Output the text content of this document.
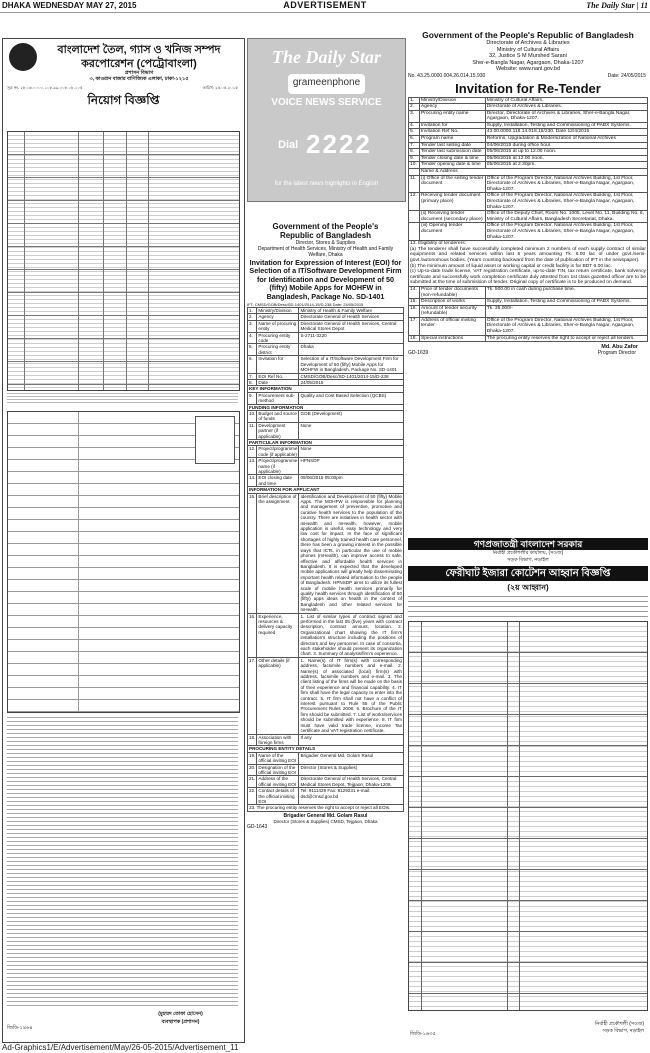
DHAKA WEDNESDAY MAY 27, 2015	ADVERTISEMENT	The Daily Star | 11
বাংলাদেশ তৈল, গ্যাস ও খনিজ সম্পদ
করপোরেশন (পেট্রোবাংলা)
প্রশাসন বিভাগ
৩, কাওরান বাজার বাণিজ্যিক এলাকা, ঢাকা-১২১৫
সূত্র নং- ২৮.০৬.০০০০.১০৮.৯৯.০০৮.০৮.১০৫	তারিখ: ২৫.০৫.২০১৫
নিয়োগ বিজ্ঞপ্তি
(মুহম্মদ তোফা হোসেন)
ব্যবস্থাপক (প্রশাসন)
জিডি-১৪৬৪
The Daily Star
grameenphone
VOICE NEWS SERVICE
Dial 2222
for the latest news highlights in English
Government of the People's Republic of Bangladesh
Director, Stores & Supplies
Department of Health Services, Ministry of Health and Family Welfare, Dhaka
Invitation for Expression of Interest (EOI) for Selection of a IT/Software Development Firm for Identification and Development of 50 (fifty) Mobile Apps for MOHFW in Bangladesh, Package No. SD-1401
IFT: CMSD/GOB/Desc/SD-1401/2014-15/D-238 Date: 24/05/2015
1.	Ministry/Division	Ministry of Health & Family Welfare
2.	Agency	Directorate General of Health Services
3.	Name of procuring entity	Directorate General of Health Services, Central Medical Stores Depot
4.	Procuring entity code	S-2711-3220
5.	Procuring entity district	Dhaka
6.	Invitation for	Selection of a IT/Software Development Firm for Development of 50 (fifty) Mobile Apps for MOHFW in Bangladesh, Package No. SD-1401
7.	EOI Ref No.	CMSD/GOB/Desc/SD-1401/2014-15/D-238
8.	Date	24/05/2015
KEY INFORMATION		
9.	Procurement sub-method	Quality and Cost Based Selection (QCBS)
FUNDING INFORMATION		
10.	Budget and source of funds	GOB (Development)
11.	Development partner (if applicable)	None
PARTICULAR INFORMATION		
12.	Project/programme code (if applicable)	None
13.	Project/programme name (if applicable)	HPNSDP
14.	EOI closing date and time	09/06/2015 05:00pm
INFORMATION FOR APPLICANT		
15.	Brief description of the assignment	Identification and Development of 50 (fifty) Mobile Apps. The MOHFW is responsible for planning and management of preventive, promotive and curative health services to the population of the country. There are initiatives in health sector with mHealth and mHealth, however, mobile application is useful, easy technology and very low cost for impact. In the face of significant shortages of highly trained health care personnel, there has been a growing interest in the possible ways that ICTs, in particular the use of mobile phones (mHealth), can improve access to safe, effective and affordable health services in Bangladesh. It is expected that the developed mobile applications will greatly help disseminating important health related information to the people of Bangladesh. HPNSDP aims to utilize its fullest scale of mobile health services primarily for quality health services through identification of 50 (fifty) apps ideas on health in the context of Bangladesh and other related services for mHealth.
16.	Experience, resources & delivery capacity required	1. List of similar types of contract signed and performed in the last 05 (five) years with contract description, contract amount, location. 2. Organizational chart showing the IT firm's installation's structure including the positions of directors and key personnel. In case of consortia, each stakeholder should present its organization chart. 3. Summary of analysis/firm's experience.
17.	Other details (if applicable)	1. Name(s) of IT firm(s) with corresponding address, facsimile numbers and e-mail. 2. Name(s) of associated (local) firm(s) with address, facsimile numbers and e-mail. 3. The client listing of the firms will be made on the basis of their experience and financial capability. 4. IT firm shall have the legal capacity to enter into the contract. 5. IT firm shall not have a conflict of interest pursuant to Rule 55 of the Public Procurement Rules 2008. 6. Brochure of the IT firm should be submitted. 7. List of works/services should be submitted with experience. 8. IT firm must have valid trade license, income Tax certificate and VAT registration certificate.
18.	Association with foreign firms	If any
PROCURING ENTITY DETAILS		
19.	Name of the official inviting EOI	Brigadier General Md. Golam Rasul
20.	Designation of the official inviting EOI	Director (Stores & Supplies)
21.	Address of the official inviting EOI	Directorate General of Health Services, Central Medical Stores Depot, Tejgaon, Dhaka-1208.
22.	Contact details of the official inviting EOI	Tel: 9111429 Fax: 8129231 e-mail: dsd@cmsd.gov.bd
23. The procuring entity reserves the right to accept or reject all EOIs.		
Brigadier General Md. Golam Rasul
Director (Stores & Supplies) CMSD, Tejgaon, Dhaka
GD-1643
Government of the People's Republic of Bangladesh
Directorate of Archives & Libraries
Ministry of Cultural Affairs
32, Justice S M Murshed Sarani
Sher-e-Bangla Nagar, Agargaon, Dhaka-1207
Website: www.nanl.gov.bd
No. 43.25.0000.004.26.014.15.930	Date: 24/05/2015
Invitation for Re-Tender
1.	Ministry/Division	Ministry of Cultural Affairs.
2.	Agency	Directorate of Archives & Libraries.
3.	Procuring entity name	Director, Directorate of Archives & Libraries, Sher-e-Bangla Nagar, Agargaon, Dhaka-1207.
4.	Invitation for	Supply, Installation, Testing and Commissioning of PABX Systems.
5.	Invitation Ref No.	43.00.0000.118.14.018.15/230. Date 12/4/2015
6.	Program name	Reforms, Upgradation & Modernization of National Archives
7.	Tender last selling date	04/06/2015 during office hour.
8.	Tender last submission date	05/06/2015 at up to 12.00 noon.
9.	Tender closing date & time	05/06/2015 at 12.00 noon.
10.	Tender opening date & time	05/06/2015 at 2.30pm.
	Name & Address	
11.	(i) Office of the selling tender document	Office of the Program Director, National Archives Building, 1st Floor, Directorate of Archives & Libraries, Sher-e-Bangla Nagar, Agargaon, Dhaka-1207.
12.	Receiving tender document (primary place)	Office of the Program Director, National Archives Building, 1st Floor, Directorate of Archives & Libraries, Sher-e-Bangla Nagar, Agargaon, Dhaka-1207.
	(ii) Receiving tender document (secondary place)	Office of the Deputy Chief, Room No. 1005, Level No. 11, Building No. 6, Ministry of Cultural Affairs, Bangladesh Secretariat, Dhaka.
	(iii) Opening tender document	Office of the Program Director, National Archives Building, 1st Floor, Directorate of Archives & Libraries, Sher-e-Bangla Nagar, Agargaon, Dhaka-1207.

13. Eligibility of tenderers:
(a) The tenderer shall have successfully completed minimum 2 numbers of each supply contract of similar equipments and related services within last 5 years amounting Tk. 6.00 lac of under govt./semi-govt./autonomous bodies. (Years counting backward from the date of publication of IFT in the newspaper).
(b) The minimum amount of liquid asset or working capital or credit facility is for BDT 6.00 lac.
(c) Up-to-date trade license, VAT registration certificate, up-to-date TIN, tax return certificate, bank solvency certificate and successfully work completion certificate duly attested from 1st class gazetted officer are to be submitted at the time of submission of tender. Original copy of certificate is to be produced on demand.		

14.	Price of tender documents (non-refundable)	Tk. 500.00 in cash during purchase time.
15.	Description of works	Supply, Installation, Testing and Commissioning of PABX Systems.
16.	Amount of tender security (refundable)	Tk. 35,000/-
17.	Address of official inviting tender	Office of the Program Director, National Archives Building, 1st Floor, Directorate of Archives & Libraries, Sher-e-Bangla Nagar, Agargaon, Dhaka-1207.
18.	Special instructions	The procuring entity reserves the right to accept or reject all tenders.
Md. Abu Zafor
GD-1639	Program Director
গণপ্রজাতন্ত্রী বাংলাদেশ সরকার
নির্বাহী প্রকৌশলীর কার্যালয়, (সওজ)
সড়ক বিভাগ, নড়াইল
ফেরীঘাট ইজারা কোটেশন আহ্বান বিজ্ঞপ্তি
(২য় আহ্বান)
জিডি-১৬৩৫
নির্বাহী প্রকৌশলী (সওজ)
সড়ক বিভাগ, নড়াইল
Ad-Graphics1/E/Advertisement/May/26-05-2015/Advertisement_11
